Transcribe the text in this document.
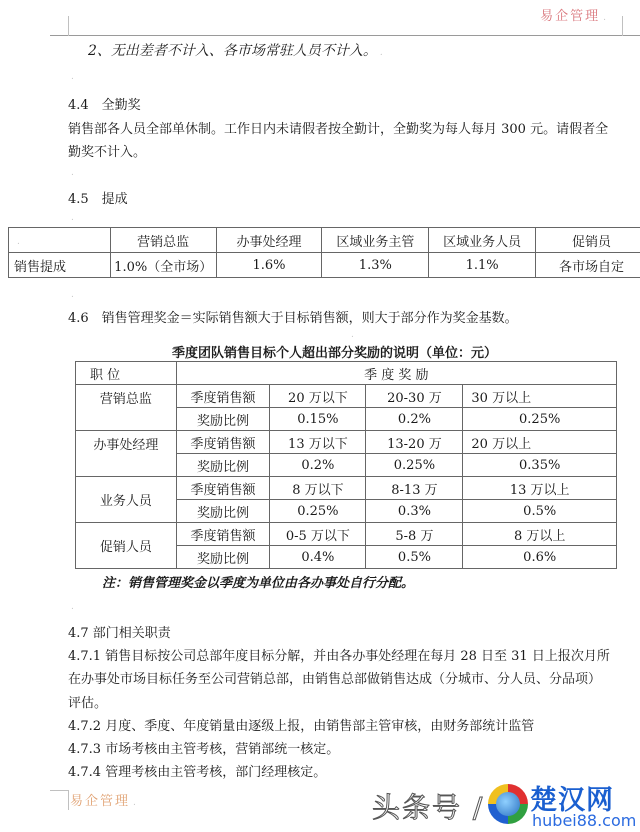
易企管理 .

2、无出差者不计入、各市场常驻人员不计入。 .

.

4.4　全勤奖

销售部各人员全部单休制。工作日内未请假者按全勤计，全勤奖为每人每月 300 元。请假者全

勤奖不计入。

.

4.5　提成

.
.	营销总监	办事处经理	区域业务主管	区域业务人员	促销员
销售提成	1.0%（全市场）	1.6%	1.3%	1.1%	各市场自定
.

4.6　销售管理奖金＝实际销售额大于目标销售额，则大于部分作为奖金基数。

.

季度团队销售目标个人超出部分奖励的说明（单位：元）

职 位	季 度 奖 励			
营销总监	季度销售额	20 万以下	20-30 万	30 万以上
	奖励比例	0.15%	0.2%	0.25%
办事处经理	季度销售额	13 万以下	13-20 万	20 万以上
	奖励比例	0.2%	0.25%	0.35%
业务人员	季度销售额	8 万以下	8-13 万	13 万以上
	奖励比例	0.25%	0.3%	0.5%
促销人员	季度销售额	0-5 万以下	5-8 万	8 万以上
	奖励比例	0.4%	0.5%	0.6%

注：销售管理奖金以季度为单位由各办事处自行分配。

.

4.7 部门相关职责

4.7.1 销售目标按公司总部年度目标分解，并由各办事处经理在每月 28 日至 31 日上报次月所

在办事处市场目标任务至公司营销总部，由销售总部做销售达成（分城市、分人员、分品项）

评估。

4.7.2 月度、季度、年度销量由逐级上报，由销售部主管审核，由财务部统计监管

4.7.3 市场考核由主管考核，营销部统一核定。

4.7.4 管理考核由主管考核，部门经理核定。

易企管理 .	头条号 / 楚汉网
hubei88.com
